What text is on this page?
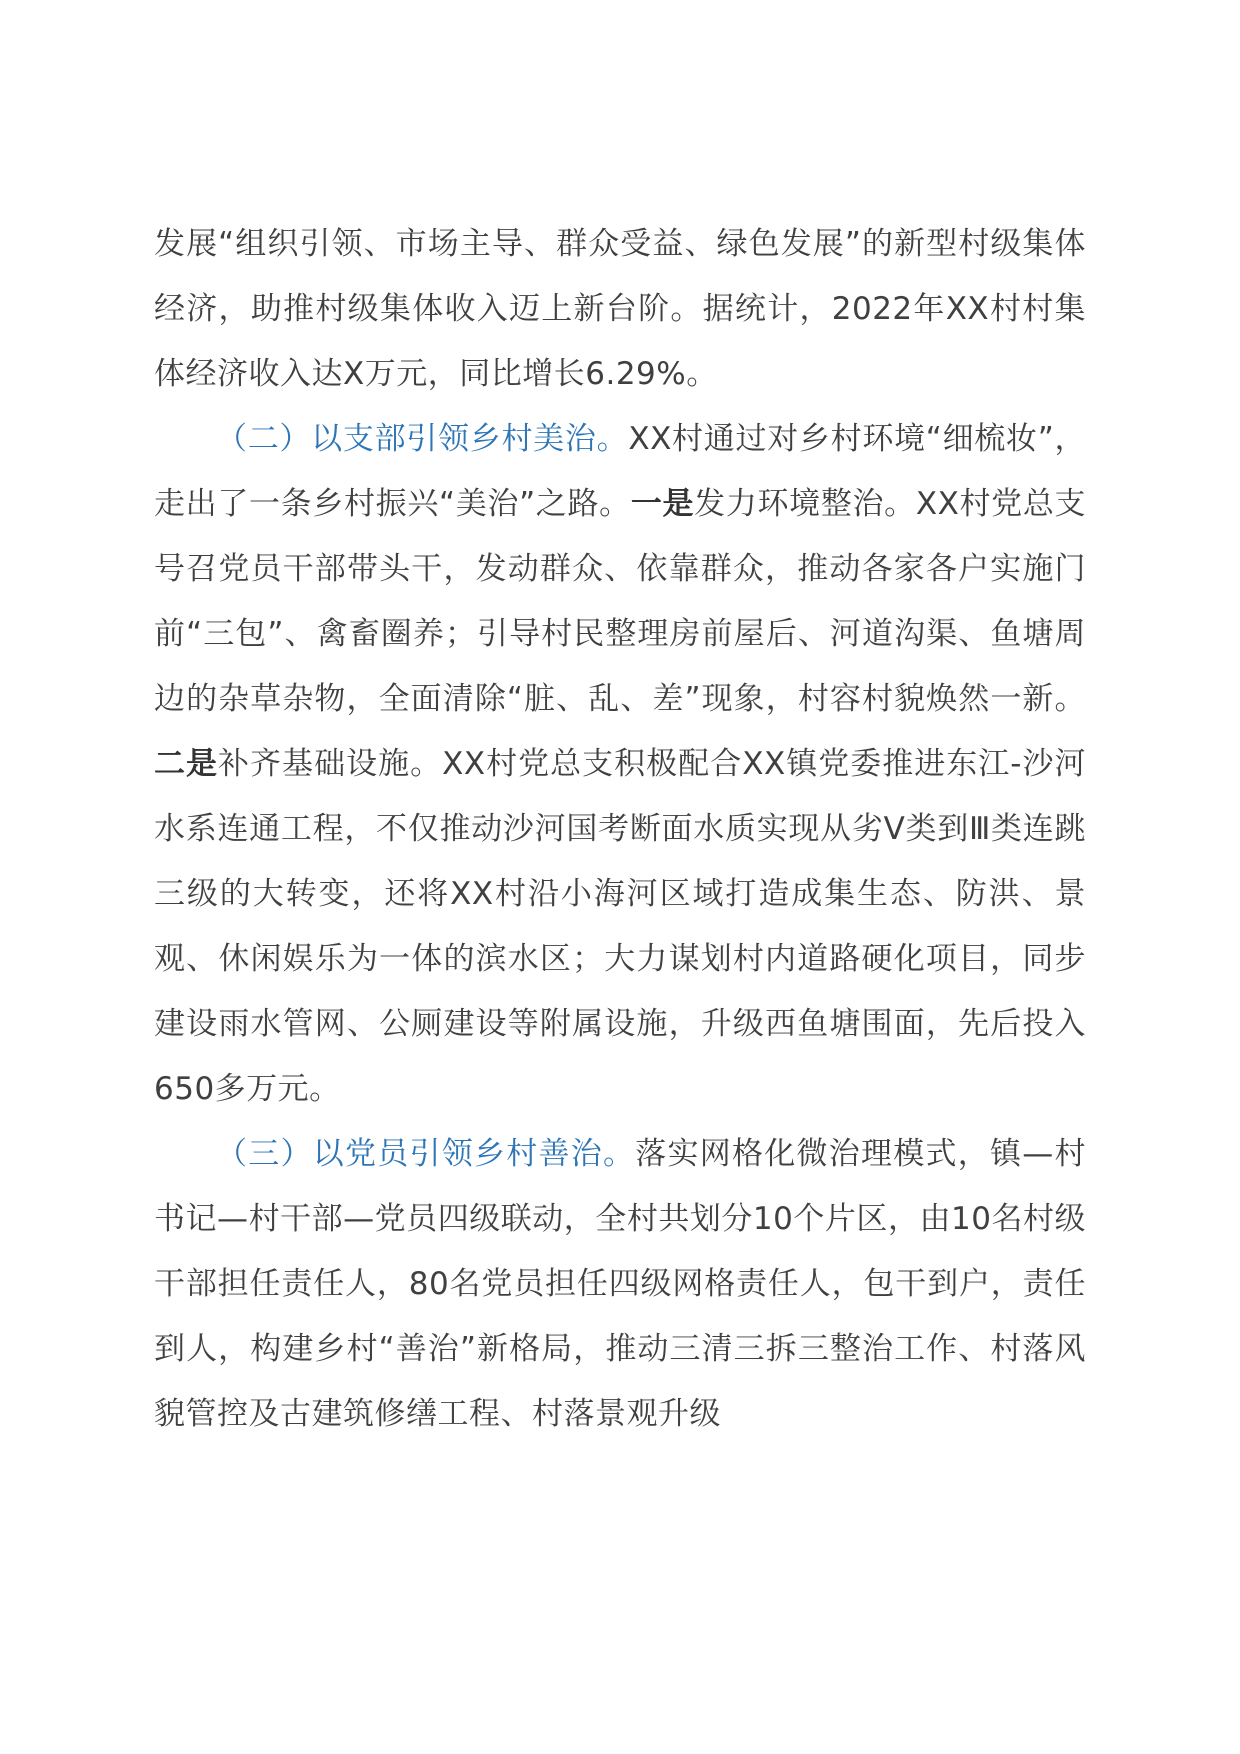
发展“组织引领、市场主导、群众受益、绿色发展”的新型村级集体经济，助推村级集体收入迈上新台阶。据统计，2022年XX村村集体经济收入达X万元，同比增长6.29%。

（二）以支部引领乡村美治。XX村通过对乡村环境“细梳妆”，走出了一条乡村振兴“美治”之路。一是发力环境整治。XX村党总支号召党员干部带头干，发动群众、依靠群众，推动各家各户实施门前“三包”、禽畜圈养；引导村民整理房前屋后、河道沟渠、鱼塘周边的杂草杂物，全面清除“脏、乱、差”现象，村容村貌焕然一新。二是补齐基础设施。XX村党总支积极配合XX镇党委推进东江-沙河水系连通工程，不仅推动沙河国考断面水质实现从劣Ⅴ类到Ⅲ类连跳三级的大转变，还将XX村沿小海河区域打造成集生态、防洪、景观、休闲娱乐为一体的滨水区；大力谋划村内道路硬化项目，同步建设雨水管网、公厕建设等附属设施，升级西鱼塘围面，先后投入650多万元。

（三）以党员引领乡村善治。落实网格化微治理模式，镇—村书记—村干部—党员四级联动，全村共划分10个片区，由10名村级干部担任责任人，80名党员担任四级网格责任人，包干到户，责任到人，构建乡村“善治”新格局，推动三清三拆三整治工作、村落风貌管控及古建筑修缮工程、村落景观升级
